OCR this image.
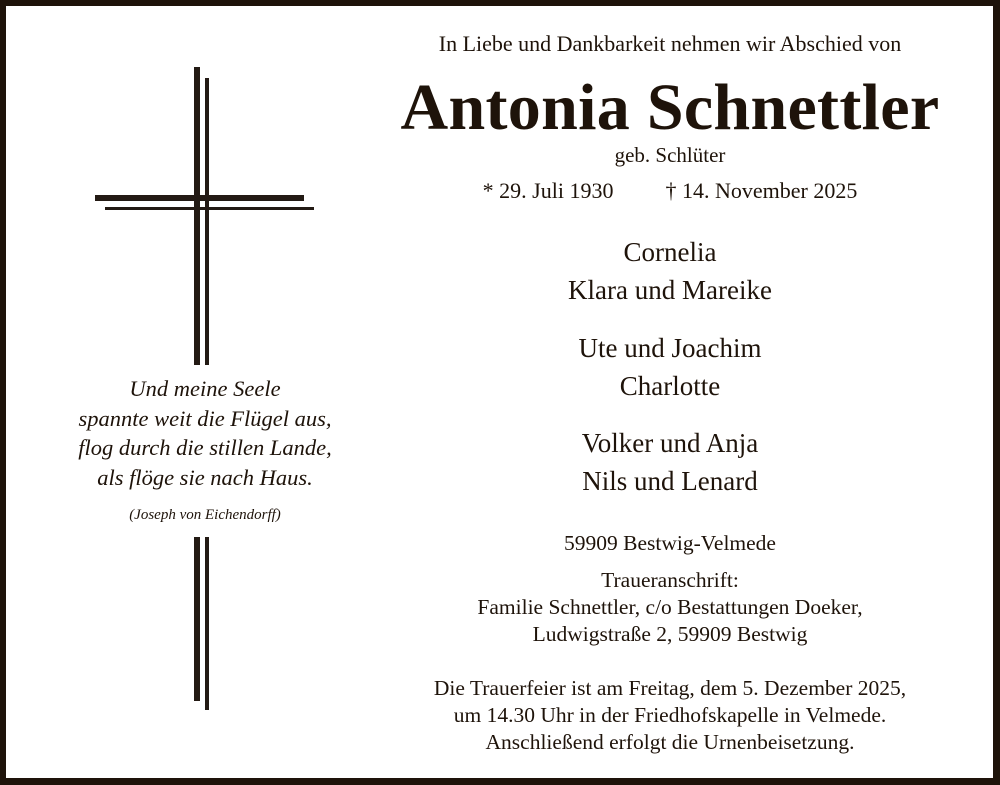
Und meine Seele
spannte weit die Flügel aus,
flog durch die stillen Lande,
als flöge sie nach Haus.
(Joseph von Eichendorff)
In Liebe und Dankbarkeit nehmen wir Abschied von
Antonia Schnettler
geb. Schlüter
* 29. Juli 1930 † 14. November 2025
Cornelia
Klara und Mareike
Ute und Joachim
Charlotte
Volker und Anja
Nils und Lenard
59909 Bestwig-Velmede
Traueranschrift:
Familie Schnettler, c/o Bestattungen Doeker,
Ludwigstraße 2, 59909 Bestwig
Die Trauerfeier ist am Freitag, dem 5. Dezember 2025,
um 14.30 Uhr in der Friedhofskapelle in Velmede.
Anschließend erfolgt die Urnenbeisetzung.
